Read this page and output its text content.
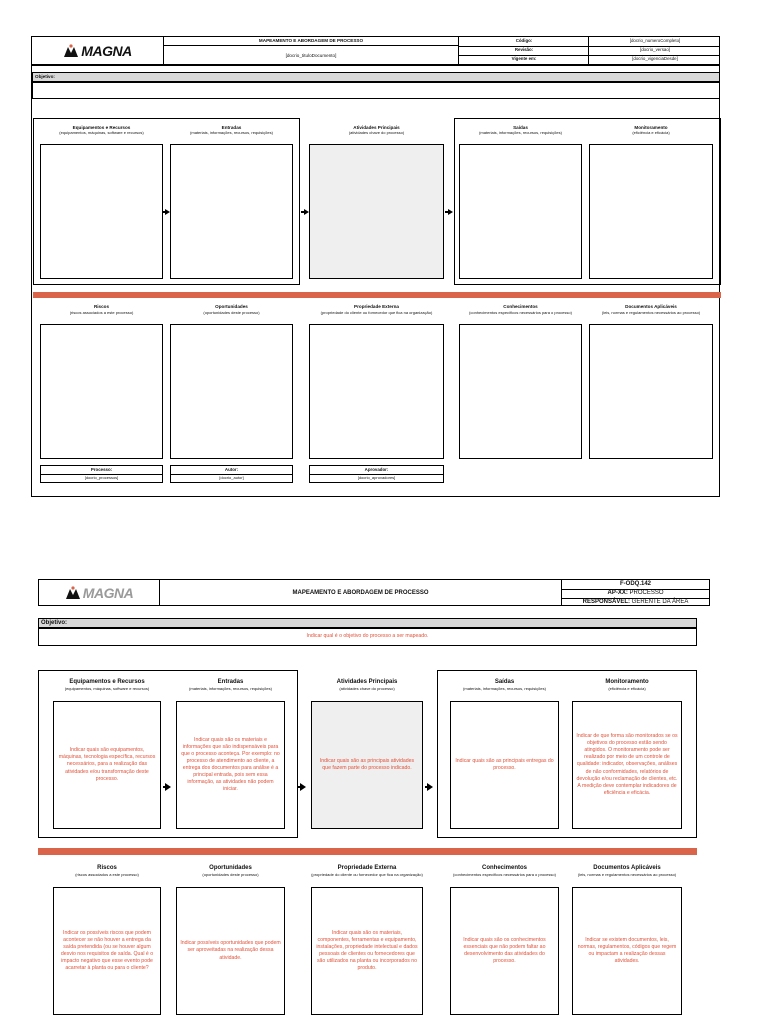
MAGNA
MAPEAMENTO E ABORDAGEM DE PROCESSO
[docrio_tituloDocumento]
Código:	[docrio_numeroCompleto]
Revisão:	[docrio_versao]
Vigente em:	[docrio_vigenciaDesde]
Objetivo:
Equipamentos e Recursos
(equipamentos, máquinas, software e recursos)
Entradas
(materiais, informações, recursos, requisições)
Atividades Principais
(atividades chave do processo)
Saídas
(materiais, informações, recursos, requisições)
Monitoramento
(eficiência e eficácia)
Riscos
(riscos associados a este processo)
Oportunidades
(oportunidades deste processo)
Propriedade Externa
(propriedade do cliente ou fornecedor que fica na organização)
Conhecimentos
(conhecimentos específicos necessários para o processo)
Documentos Aplicáveis
(leis, normas e regulamentos necessários ao processo)
Processo:
[docrio_processos]
Autor:
[docrio_autor]
Aprovador:
[docrio_aprovadores]
MAGNA	MAPEAMENTO E ABORDAGEM DE PROCESSO
F-ODQ.142
AP-XX: PROCESSO
RESPONSÁVEL: GERENTE DA ÁREA
Objetivo:
Indicar qual é o objetivo do processo a ser mapeado.
Equipamentos e Recursos
(equipamentos, máquinas, software e recursos)
Entradas
(materiais, informações, recursos, requisições)
Atividades Principais
(atividades chave do processo)
Saídas
(materiais, informações, recursos, requisições)
Monitoramento
(eficiência e eficácia)
Indicar quais são equipamentos, máquinas, tecnologia específica, recursos necessários, para a realização das atividades e/ou transformação deste processo.
Indicar quais são os materiais e informações que são indispensáveis para que o processo aconteça. Por exemplo: no processo de atendimento ao cliente, a entrega dos documentos para análise é a principal entrada, pois sem essa informação, as atividades não podem iniciar.
Indicar quais são as principais atividades que fazem parte do processo indicado.
Indicar quais são as principais entregas do processo.
Indicar de que forma são monitorados se os objetivos do processo estão sendo atingidos. O monitoramento pode ser realizado por meio de um controle de qualidade: indicador, observações, análises de não conformidades, relatórios de devolução e/ou reclamação de clientes, etc. A medição deve contemplar indicadores de eficiência e eficácia.
Riscos
(riscos associados a este processo)
Oportunidades
(oportunidades deste processo)
Propriedade Externa
(propriedade do cliente ou fornecedor que fica na organização)
Conhecimentos
(conhecimentos específicos necessários para o processo)
Documentos Aplicáveis
(leis, normas e regulamentos necessários ao processo)
Indicar os possíveis riscos que podem acontecer se não houver a entrega da saída pretendida (ou se houver algum desvio nos requisitos de saída. Qual é o impacto negativo que esse evento pode acarretar à planta ou para o cliente?
Indicar possíveis oportunidades que podem ser aproveitadas na realização dessa atividade.
Indicar quais são os materiais, componentes, ferramentas e equipamento, instalações, propriedade intelectual e dados pessoais de clientes ou fornecedores que são utilizados na planta ou incorporados no produto.
Indicar quais são os conhecimentos essenciais que não podem faltar ao desenvolvimento das atividades do processo.
Indicar se existem documentos, leis, normas, regulamentos, códigos que regem ou impactam a realização dessas atividades.
